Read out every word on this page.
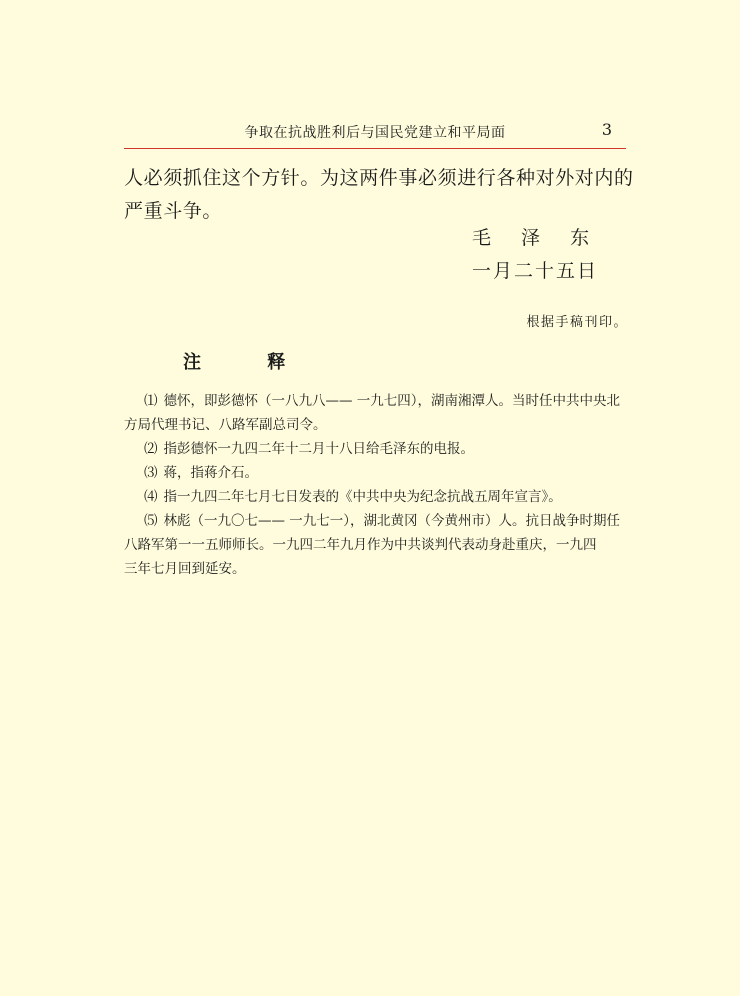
争取在抗战胜利后与国民党建立和平局面	3
人必须抓住这个方针。为这两件事必须进行各种对外对内的
严重斗争。
毛 泽 东
一月二十五日
根据手稿刊印。
注 释
⑴ 德怀，即彭德怀（一八九八—— 一九七四），湖南湘潭人。当时任中共中央北
方局代理书记、八路军副总司令。
⑵ 指彭德怀一九四二年十二月十八日给毛泽东的电报。
⑶ 蒋，指蒋介石。
⑷ 指一九四二年七月七日发表的《中共中央为纪念抗战五周年宣言》。
⑸ 林彪（一九〇七—— 一九七一），湖北黄冈（今黄州市）人。抗日战争时期任
八路军第一一五师师长。一九四二年九月作为中共谈判代表动身赴重庆，一九四
三年七月回到延安。
